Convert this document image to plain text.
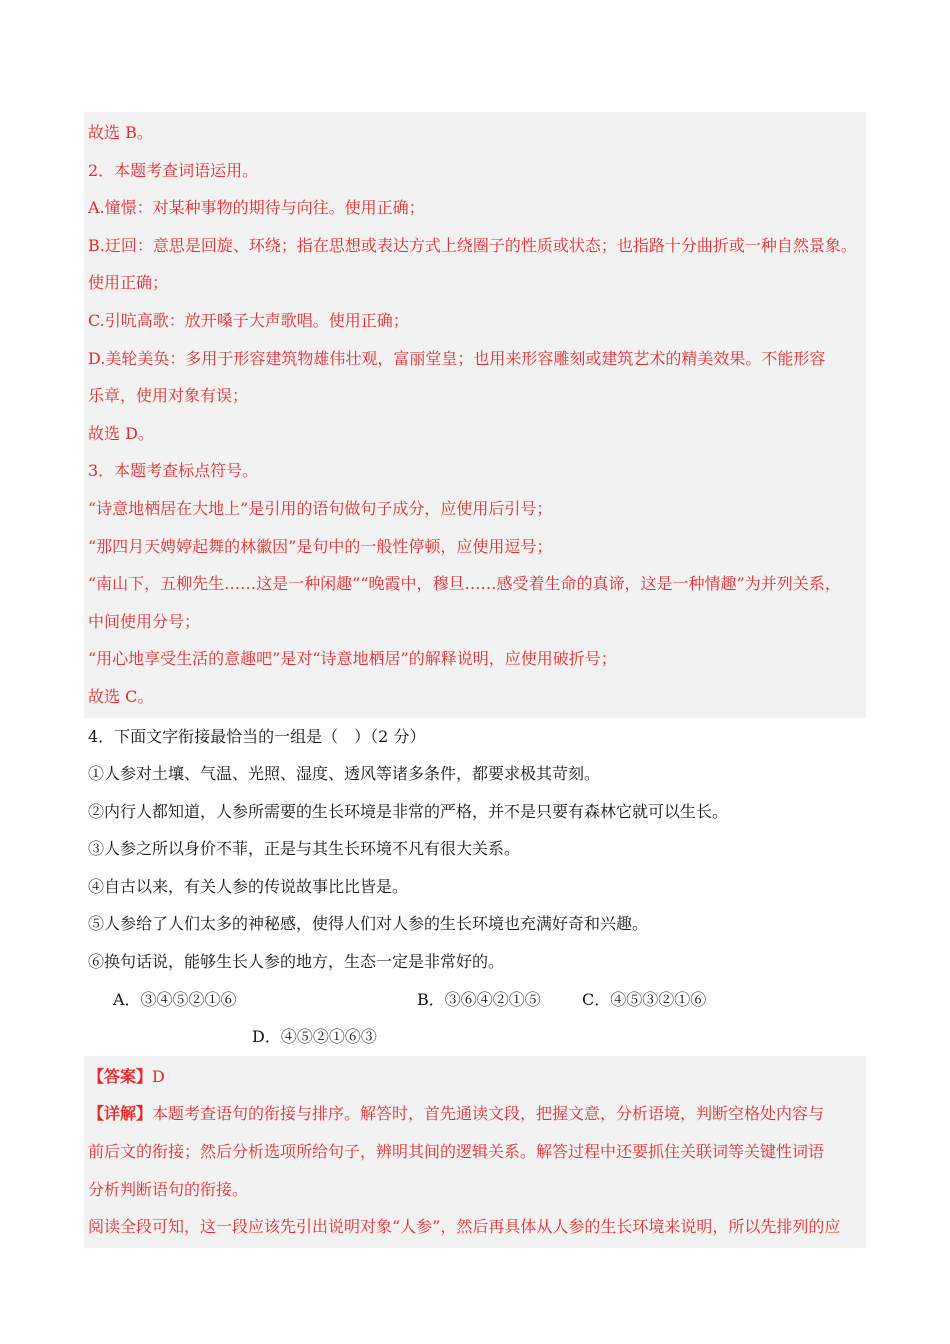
故选 B。
2．本题考查词语运用。
A.憧憬：对某种事物的期待与向往。使用正确；
B.迂回：意思是回旋、环绕；指在思想或表达方式上绕圈子的性质或状态；也指路十分曲折或一种自然景象。
使用正确；
C.引吭高歌：放开嗓子大声歌唱。使用正确；
D.美轮美奂：多用于形容建筑物雄伟壮观，富丽堂皇；也用来形容雕刻或建筑艺术的精美效果。不能形容
乐章，使用对象有误；
故选 D。
3．本题考查标点符号。
“诗意地栖居在大地上”是引用的语句做句子成分，应使用后引号；
“那四月天娉婷起舞的林徽因”是句中的一般性停顿，应使用逗号；
“南山下，五柳先生……这是一种闲趣”“晚霞中，穆旦……感受着生命的真谛，这是一种情趣”为并列关系，
中间使用分号；
“用心地享受生活的意趣吧”是对“诗意地栖居”的解释说明，应使用破折号；
故选 C。
4．下面文字衔接最恰当的一组是（　）（2 分）
①人参对土壤、气温、光照、湿度、透风等诸多条件，都要求极其苛刻。
②内行人都知道，人参所需要的生长环境是非常的严格，并不是只要有森林它就可以生长。
③人参之所以身价不菲，正是与其生长环境不凡有很大关系。
④自古以来，有关人参的传说故事比比皆是。
⑤人参给了人们太多的神秘感，使得人们对人参的生长环境也充满好奇和兴趣。
⑥换句话说，能够生长人参的地方，生态一定是非常好的。
A．③④⑤②①⑥	B．③⑥④②①⑤	C．④⑤③②①⑥
D．④⑤②①⑥③
【答案】D
【详解】本题考查语句的衔接与排序。解答时，首先通读文段，把握文意，分析语境，判断空格处内容与
前后文的衔接；然后分析选项所给句子，辨明其间的逻辑关系。解答过程中还要抓住关联词等关键性词语
分析判断语句的衔接。
阅读全段可知，这一段应该先引出说明对象“人参”，然后再具体从人参的生长环境来说明，所以先排列的应
